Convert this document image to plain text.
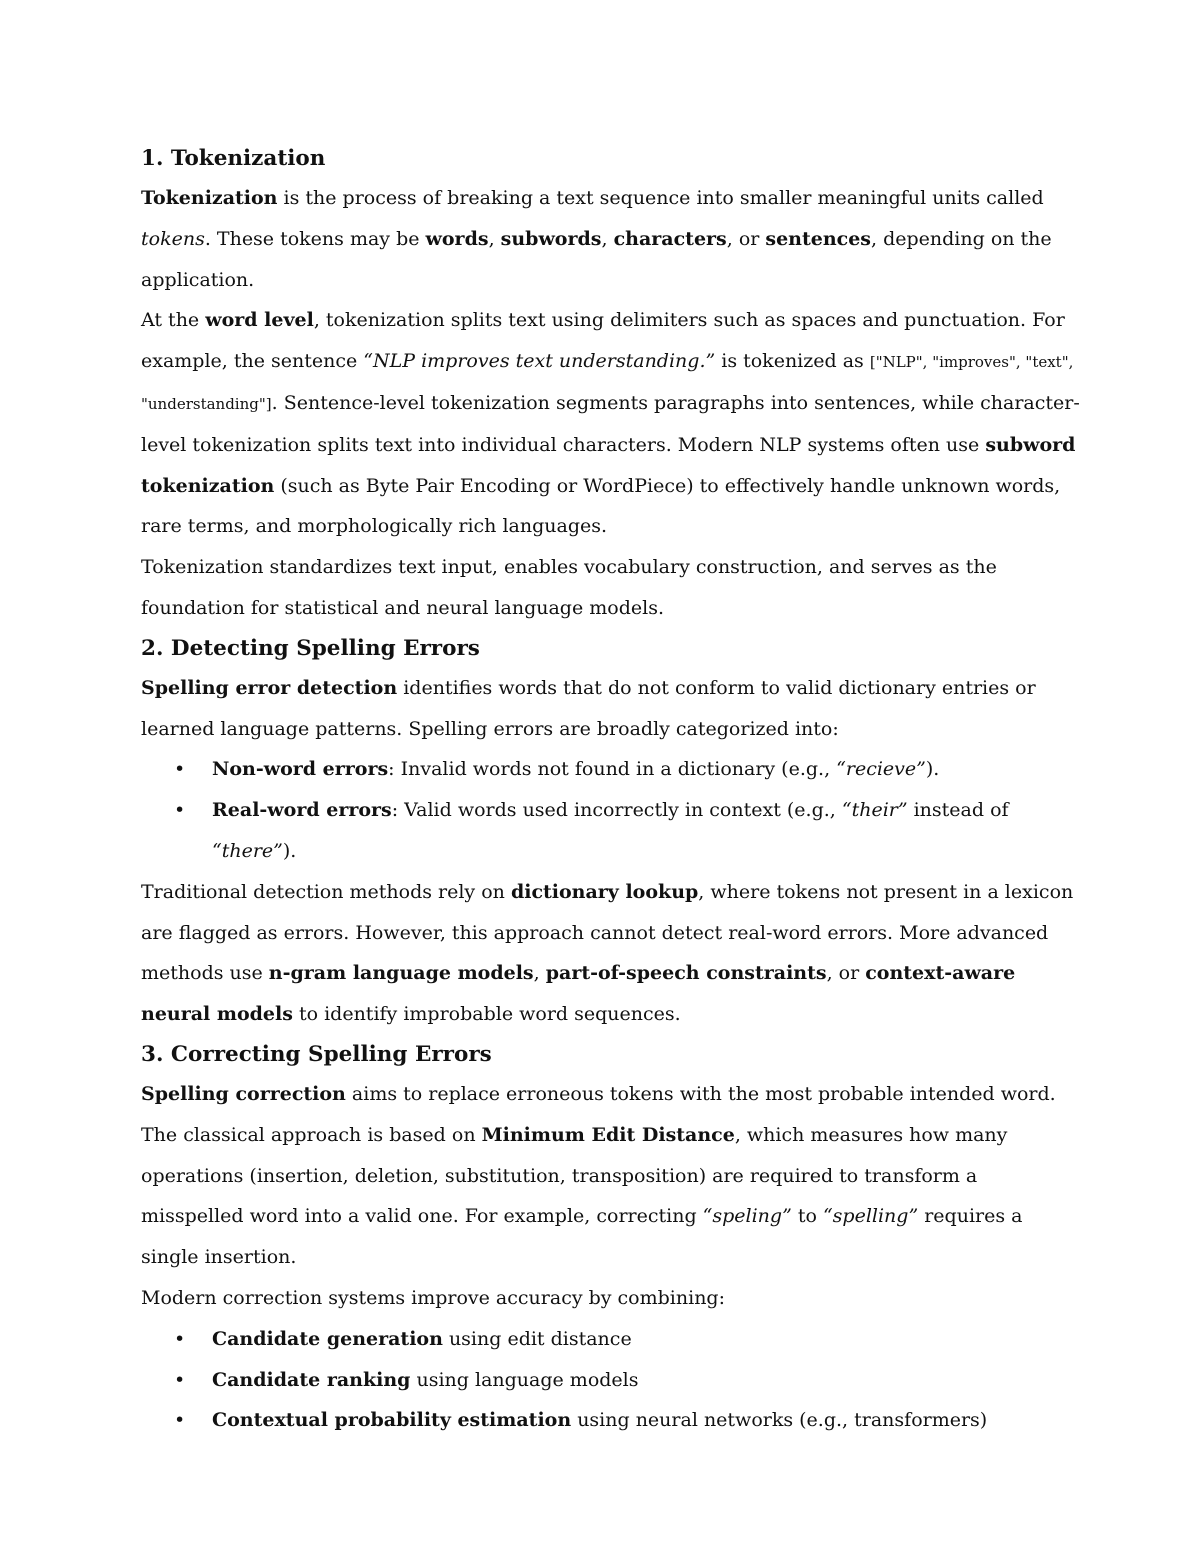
1. Tokenization

Tokenization is the process of breaking a text sequence into smaller meaningful units called tokens. These tokens may be words, subwords, characters, or sentences, depending on the application.

At the word level, tokenization splits text using delimiters such as spaces and punctuation. For example, the sentence “NLP improves text understanding.” is tokenized as ["NLP", "improves", "text", "understanding"]. Sentence-level tokenization segments paragraphs into sentences, while character-level tokenization splits text into individual characters. Modern NLP systems often use subword tokenization (such as Byte Pair Encoding or WordPiece) to effectively handle unknown words, rare terms, and morphologically rich languages.

Tokenization standardizes text input, enables vocabulary construction, and serves as the foundation for statistical and neural language models.

2. Detecting Spelling Errors

Spelling error detection identifies words that do not conform to valid dictionary entries or learned language patterns. Spelling errors are broadly categorized into:

• Non-word errors: Invalid words not found in a dictionary (e.g., “recieve”).
• Real-word errors: Valid words used incorrectly in context (e.g., “their” instead of “there”).

Traditional detection methods rely on dictionary lookup, where tokens not present in a lexicon are flagged as errors. However, this approach cannot detect real-word errors. More advanced methods use n-gram language models, part-of-speech constraints, or context-aware neural models to identify improbable word sequences.

3. Correcting Spelling Errors

Spelling correction aims to replace erroneous tokens with the most probable intended word. The classical approach is based on Minimum Edit Distance, which measures how many operations (insertion, deletion, substitution, transposition) are required to transform a misspelled word into a valid one. For example, correcting “speling” to “spelling” requires a single insertion.

Modern correction systems improve accuracy by combining:

• Candidate generation using edit distance
• Candidate ranking using language models
• Contextual probability estimation using neural networks (e.g., transformers)
